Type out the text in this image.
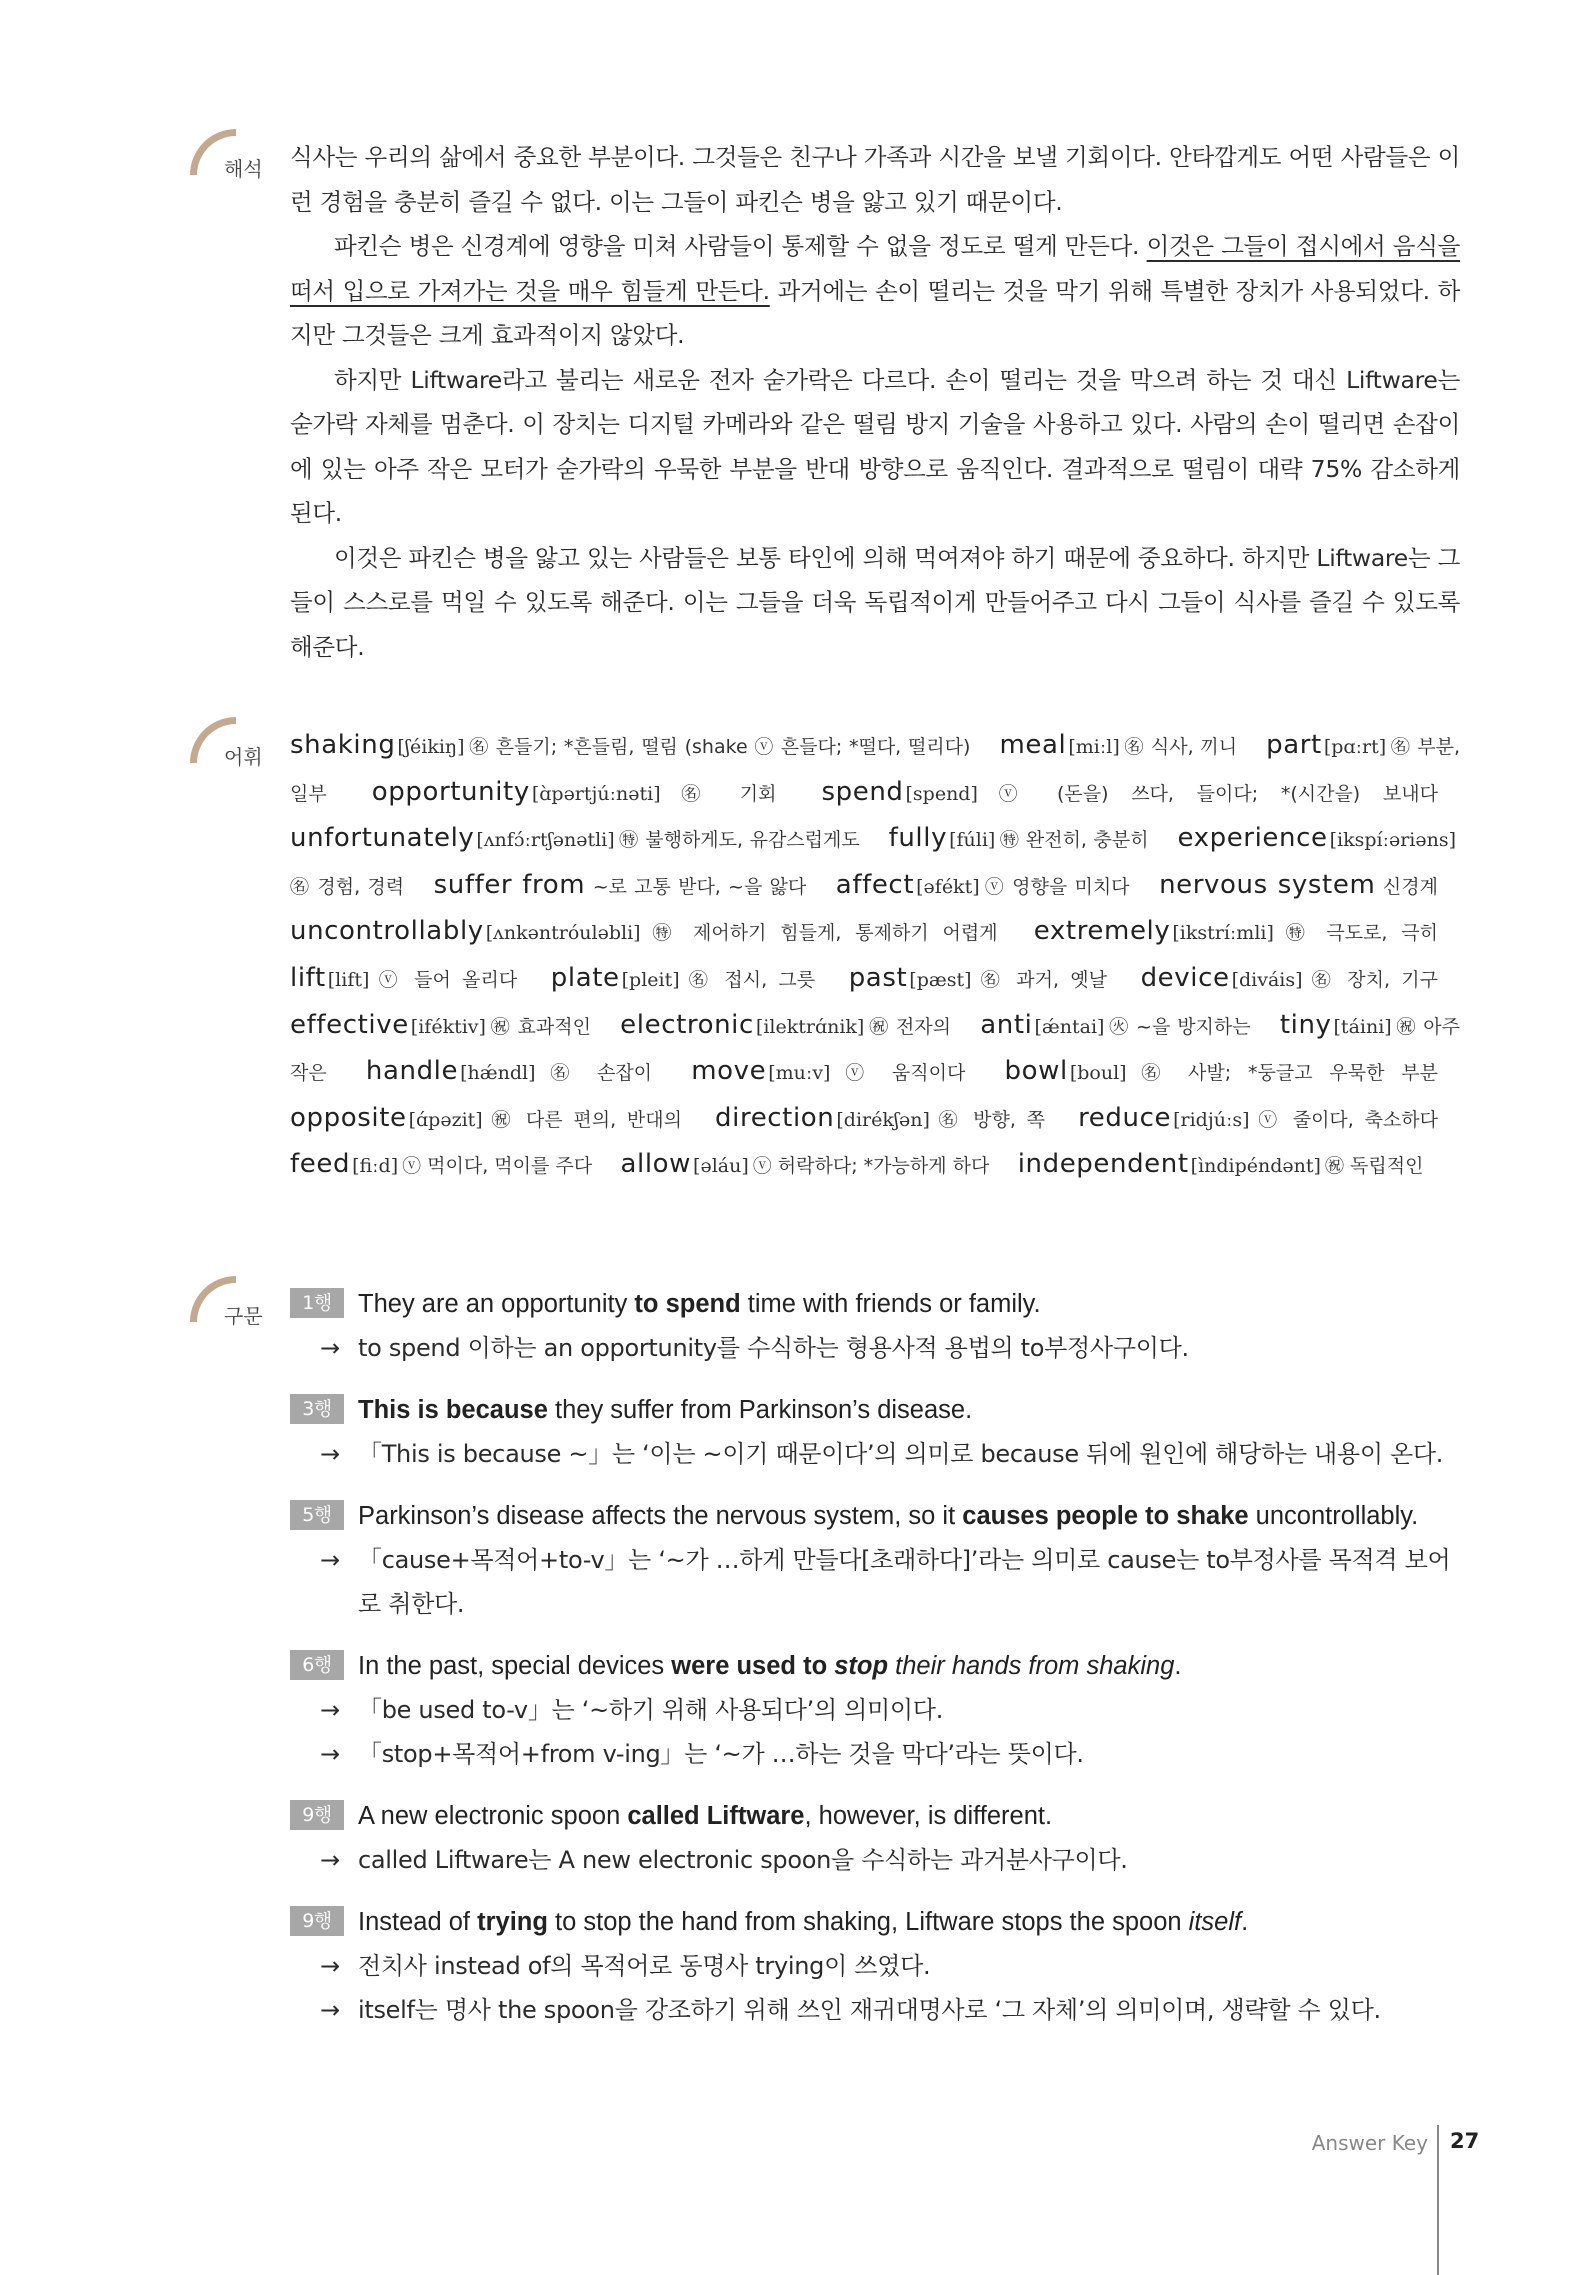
해석 식사는 우리의 삶에서 중요한 부분이다. 그것들은 친구나 가족과 시간을 보낼 기회이다. 안타깝게도 어떤 사람들은 이런 경험을 충분히 즐길 수 없다. 이는 그들이 파킨슨 병을 앓고 있기 때문이다.

파킨슨 병은 신경계에 영향을 미쳐 사람들이 통제할 수 없을 정도로 떨게 만든다. 이것은 그들이 접시에서 음식을 떠서 입으로 가져가는 것을 매우 힘들게 만든다. 과거에는 손이 떨리는 것을 막기 위해 특별한 장치가 사용되었다. 하지만 그것들은 크게 효과적이지 않았다.

하지만 Liftware라고 불리는 새로운 전자 숟가락은 다르다. 손이 떨리는 것을 막으려 하는 것 대신 Liftware는 숟가락 자체를 멈춘다. 이 장치는 디지털 카메라와 같은 떨림 방지 기술을 사용하고 있다. 사람의 손이 떨리면 손잡이에 있는 아주 작은 모터가 숟가락의 우묵한 부분을 반대 방향으로 움직인다. 결과적으로 떨림이 대략 75% 감소하게 된다.

이것은 파킨슨 병을 앓고 있는 사람들은 보통 타인에 의해 먹여져야 하기 때문에 중요하다. 하지만 Liftware는 그들이 스스로를 먹일 수 있도록 해준다. 이는 그들을 더욱 독립적이게 만들어주고 다시 그들이 식사를 즐길 수 있도록 해준다.

어휘 shaking [ʃéikiŋ] ㊔ 흔들기; *흔들림, 떨림 (shake ⓥ 흔들다; *떨다, 떨리다) meal [miːl] ㊔ 식사, 끼니 part [pɑːrt] ㊔ 부분, 일부 opportunity [ɑ̀pərtjúːnəti] ㊔ 기회 spend [spend] ⓥ (돈을) 쓰다, 들이다; *(시간을) 보내다 unfortunately [ʌnfɔ́ːrtʃənətli] ㊕ 불행하게도, 유감스럽게도 fully [fúli] ㊕ 완전히, 충분히 experience [ikspíːəriəns]㊔ 경험, 경력 suffer from ~로 고통 받다, ~을 앓다 affect [əfékt] ⓥ 영향을 미치다 nervous system 신경계 uncontrollably [ʌnkəntróuləbli] ㊕ 제어하기 힘들게, 통제하기 어렵게 extremely [ikstríːmli] ㊕ 극도로, 극히 lift [lift] ⓥ 들어 올리다 plate [pleit] ㊔ 접시, 그릇 past [pæst] ㊔ 과거, 옛날 device [diváis] ㊔ 장치, 기구 effective [iféktiv] ㊗ 효과적인 electronic [ilektrɑ́nik] ㊗ 전자의 anti [ǽntai] ㊋ ~을 방지하는 tiny [táini] ㊗ 아주 작은 handle [hǽndl] ㊔ 손잡이 move [muːv] ⓥ 움직이다 bowl [boul] ㊔ 사발; *둥글고 우묵한 부분 opposite [ɑ́pəzit] ㊗ 다른 편의, 반대의 direction [dirékʃən] ㊔ 방향, 쪽 reduce [ridjúːs] ⓥ 줄이다, 축소하다 feed [fiːd] ⓥ 먹이다, 먹이를 주다 allow [əláu] ⓥ 허락하다; *가능하게 하다 independent [ìndipéndənt] ㊗ 독립적인
구문
1행	They are an opportunity to spend time with friends or family.

→ to spend 이하는 an opportunity를 수식하는 형용사적 용법의 to부정사구이다.

3행	This is because they suffer from Parkinson’s disease.

→ 「This is because ~」는 ‘이는 ~이기 때문이다’의 의미로 because 뒤에 원인에 해당하는 내용이 온다.

5행	Parkinson’s disease affects the nervous system, so it causes people to shake uncontrollably.

→ 「cause+목적어+to-v」는 ‘~가 …하게 만들다[초래하다]’라는 의미로 cause는 to부정사를 목적격 보어로 취한다.

6행	In the past, special devices were used to stop their hands from shaking.

→ 「be used to-v」는 ‘~하기 위해 사용되다’의 의미이다.

→ 「stop+목적어+from v-ing」는 ‘~가 …하는 것을 막다’라는 뜻이다.

9행	A new electronic spoon called Liftware, however, is different.

→ called Liftware는 A new electronic spoon을 수식하는 과거분사구이다.

9행	Instead of trying to stop the hand from shaking, Liftware stops the spoon itself.

→ 전치사 instead of의 목적어로 동명사 trying이 쓰였다.

→ itself는 명사 the spoon을 강조하기 위해 쓰인 재귀대명사로 ‘그 자체’의 의미이며, 생략할 수 있다.

Answer Key 27
